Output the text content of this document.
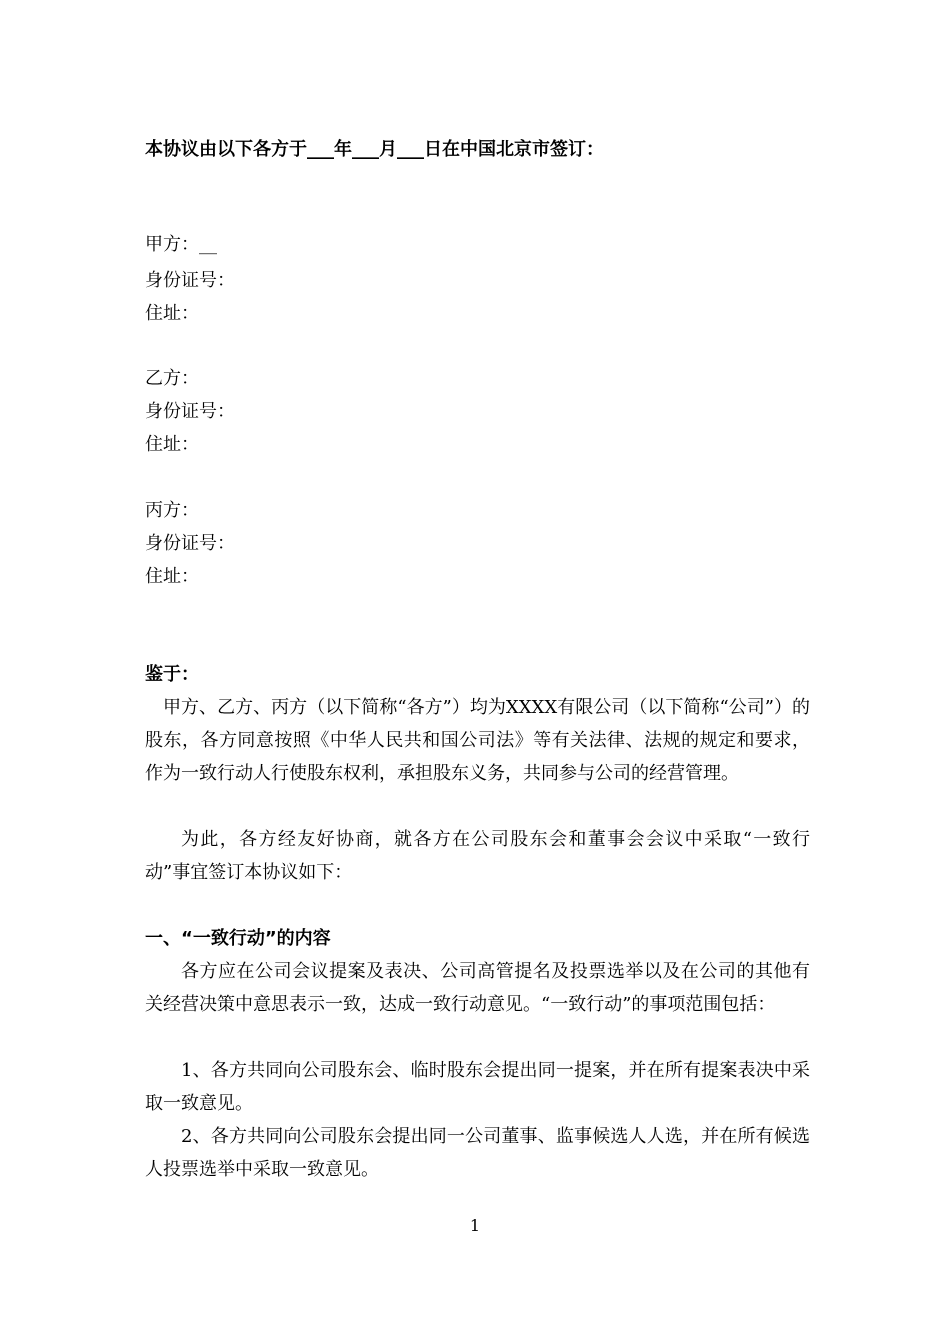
本协议由以下各方于___年___月___日在中国北京市签订：
甲方：__
身份证号：
住址：
乙方：
身份证号：
住址：
丙方：
身份证号：
住址：
鉴于：
甲方、乙方、丙方（以下简称“各方”）均为XXXX有限公司（以下简称“公司”）的股东，各方同意按照《中华人民共和国公司法》等有关法律、法规的规定和要求，作为一致行动人行使股东权利，承担股东义务，共同参与公司的经营管理。
为此，各方经友好协商，就各方在公司股东会和董事会会议中采取“一致行动”事宜签订本协议如下：
一、“一致行动”的内容
各方应在公司会议提案及表决、公司高管提名及投票选举以及在公司的其他有关经营决策中意思表示一致，达成一致行动意见。“一致行动”的事项范围包括：
1、各方共同向公司股东会、临时股东会提出同一提案，并在所有提案表决中采取一致意见。
2、各方共同向公司股东会提出同一公司董事、监事候选人人选，并在所有候选人投票选举中采取一致意见。
1
